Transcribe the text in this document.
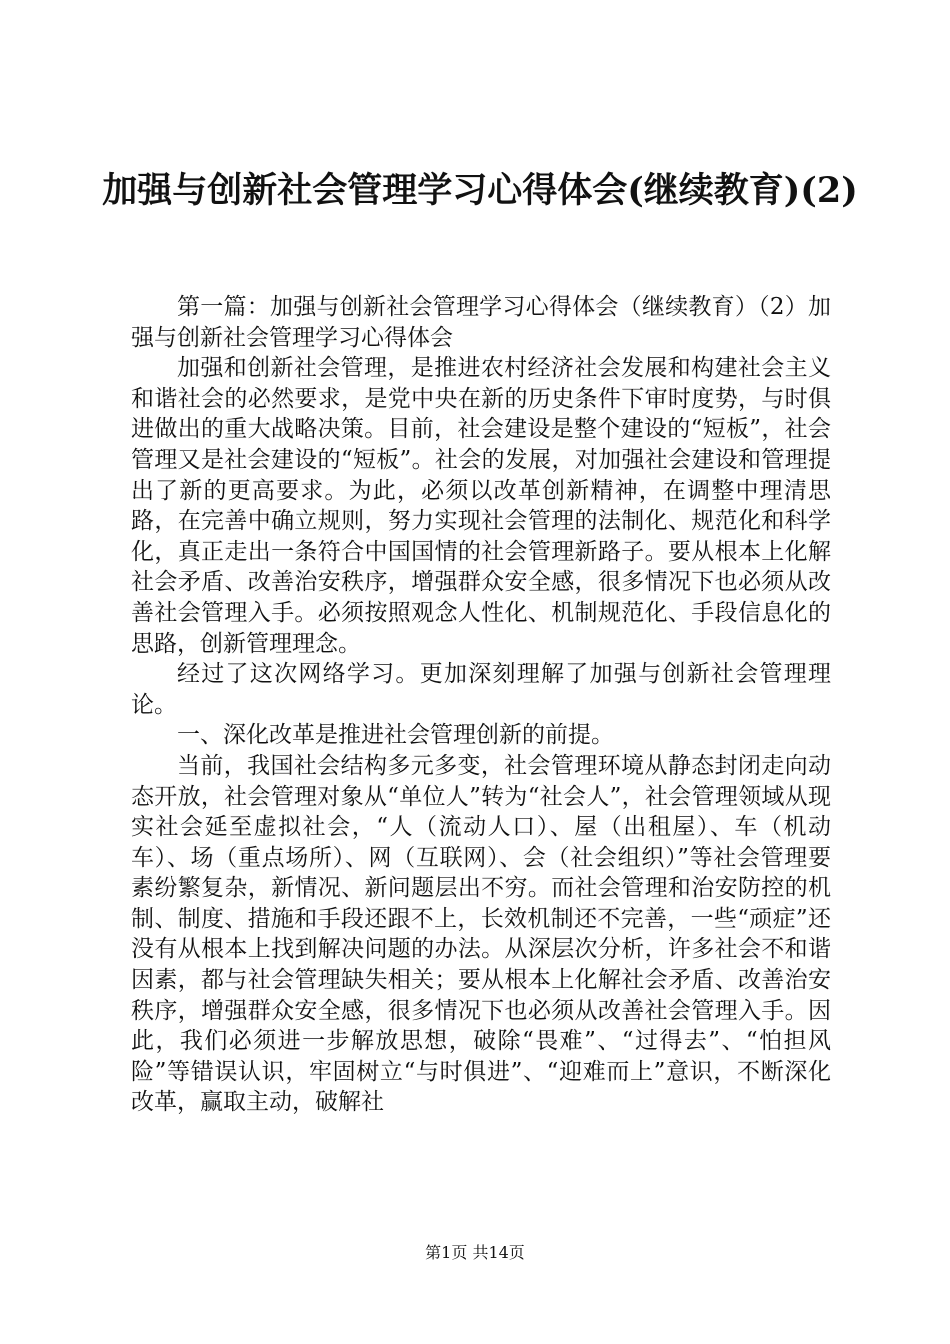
加强与创新社会管理学习心得体会(继续教育)(2)

第一篇：加强与创新社会管理学习心得体会（继续教育）（2）加强与创新社会管理学习心得体会

加强和创新社会管理，是推进农村经济社会发展和构建社会主义和谐社会的必然要求，是党中央在新的历史条件下审时度势，与时俱进做出的重大战略决策。目前，社会建设是整个建设的“短板”，社会管理又是社会建设的“短板”。社会的发展，对加强社会建设和管理提出了新的更高要求。为此，必须以改革创新精神，在调整中理清思路，在完善中确立规则，努力实现社会管理的法制化、规范化和科学化，真正走出一条符合中国国情的社会管理新路子。要从根本上化解社会矛盾、改善治安秩序，增强群众安全感，很多情况下也必须从改善社会管理入手。必须按照观念人性化、机制规范化、手段信息化的思路，创新管理理念。

经过了这次网络学习。更加深刻理解了加强与创新社会管理理论。

一、深化改革是推进社会管理创新的前提。

当前，我国社会结构多元多变，社会管理环境从静态封闭走向动态开放，社会管理对象从“单位人”转为“社会人”，社会管理领域从现实社会延至虚拟社会，“人（流动人口）、屋（出租屋）、车（机动车）、场（重点场所）、网（互联网）、会（社会组织）”等社会管理要素纷繁复杂，新情况、新问题层出不穷。而社会管理和治安防控的机制、制度、措施和手段还跟不上，长效机制还不完善，一些“顽症”还没有从根本上找到解决问题的办法。从深层次分析，许多社会不和谐因素，都与社会管理缺失相关；要从根本上化解社会矛盾、改善治安秩序，增强群众安全感，很多情况下也必须从改善社会管理入手。因此，我们必须进一步解放思想，破除“畏难”、“过得去”、“怕担风险”等错误认识，牢固树立“与时俱进”、“迎难而上”意识，不断深化改革，赢取主动，破解社

第1页 共14页
